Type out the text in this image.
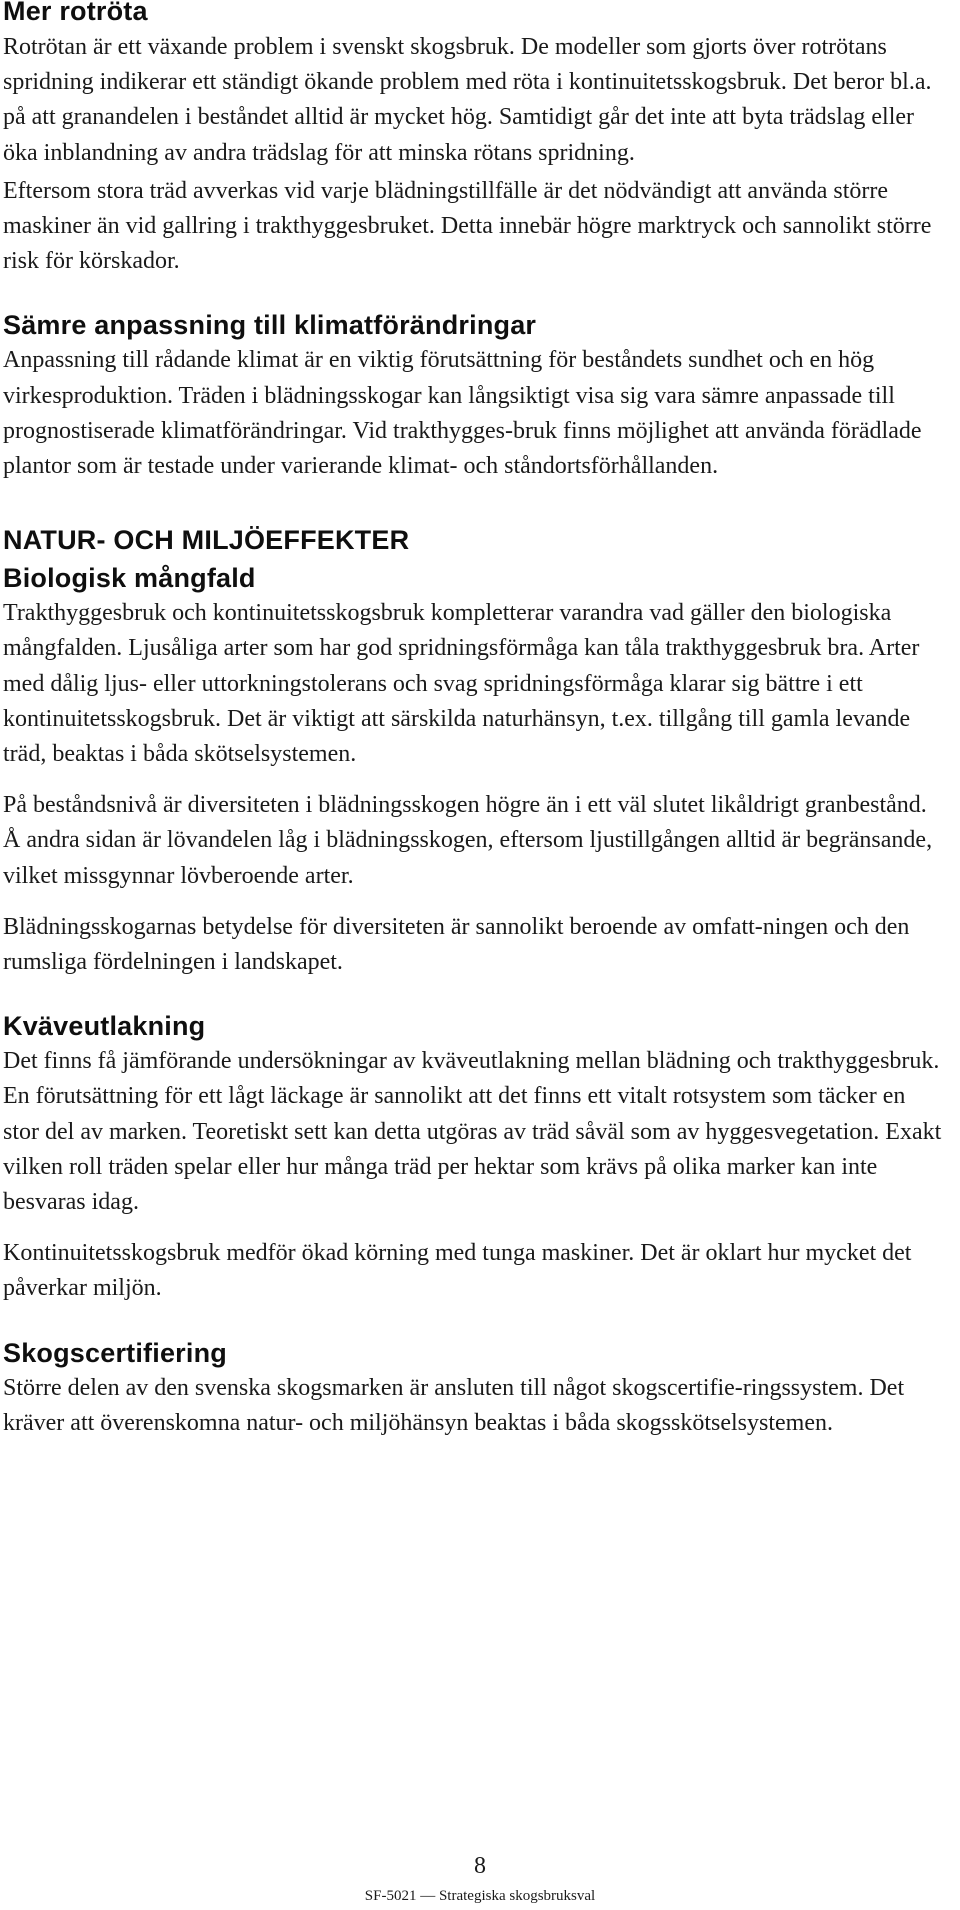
Mer rotröta

Rotrötan är ett växande problem i svenskt skogsbruk. De modeller som gjorts över rotrötans spridning indikerar ett ständigt ökande problem med röta i kontinuitetsskogsbruk. Det beror bl.a. på att granandelen i beståndet alltid är mycket hög. Samtidigt går det inte att byta trädslag eller öka inblandning av andra trädslag för att minska rötans spridning.

Eftersom stora träd avverkas vid varje blädningstillfälle är det nödvändigt att använda större maskiner än vid gallring i trakthyggesbruket. Detta innebär högre marktryck och sannolikt större risk för körskador.

Sämre anpassning till klimatförändringar

Anpassning till rådande klimat är en viktig förutsättning för beståndets sundhet och en hög virkesproduktion. Träden i blädningsskogar kan långsiktigt visa sig vara sämre anpassade till prognostiserade klimatförändringar. Vid trakthygges-bruk finns möjlighet att använda förädlade plantor som är testade under varierande klimat- och ståndortsförhållanden.

NATUR- OCH MILJÖEFFEKTER
Biologisk mångfald

Trakthyggesbruk och kontinuitetsskogsbruk kompletterar varandra vad gäller den biologiska mångfalden. Ljusåliga arter som har god spridningsförmåga kan tåla trakthyggesbruk bra. Arter med dålig ljus- eller uttorkningstolerans och svag spridningsförmåga klarar sig bättre i ett kontinuitetsskogsbruk. Det är viktigt att särskilda naturhänsyn, t.ex. tillgång till gamla levande träd, beaktas i båda skötselsystemen.

På beståndsnivå är diversiteten i blädningsskogen högre än i ett väl slutet likåldrigt granbestånd. Å andra sidan är lövandelen låg i blädningsskogen, eftersom ljustillgången alltid är begränsande, vilket missgynnar lövberoende arter.

Blädningsskogarnas betydelse för diversiteten är sannolikt beroende av omfatt-ningen och den rumsliga fördelningen i landskapet.

Kväveutlakning

Det finns få jämförande undersökningar av kväveutlakning mellan blädning och trakthyggesbruk. En förutsättning för ett lågt läckage är sannolikt att det finns ett vitalt rotsystem som täcker en stor del av marken. Teoretiskt sett kan detta utgöras av träd såväl som av hyggesvegetation. Exakt vilken roll träden spelar eller hur många träd per hektar som krävs på olika marker kan inte besvaras idag.

Kontinuitetsskogsbruk medför ökad körning med tunga maskiner. Det är oklart hur mycket det påverkar miljön.

Skogscertifiering

Större delen av den svenska skogsmarken är ansluten till något skogscertifie-ringssystem. Det kräver att överenskomna natur- och miljöhänsyn beaktas i båda skogsskötselsystemen.

8
SF-5021 — Strategiska skogsbruksval
